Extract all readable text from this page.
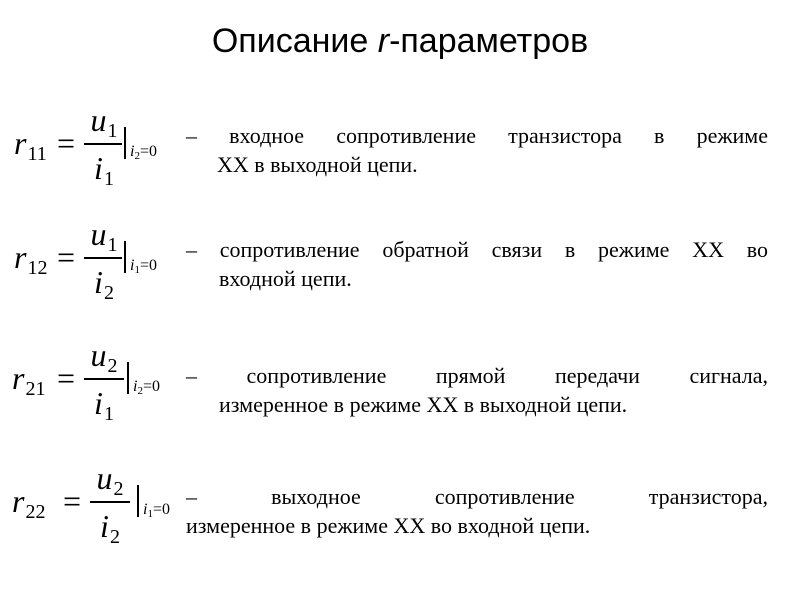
Описание r-параметров
$r_{11}$ =
$u_1$
$i_1$
$i_2=0$
– входное сопротивление транзистора в режиме
ХХ в выходной цепи.
$r_{12}$ =
$u_1$
$i_2$
$i_1=0$
– сопротивление обратной связи в режиме ХХ во
входной цепи.
$r_{21}$ =
$u_2$
$i_1$
$i_2=0$ – сопротивление прямой передачи сигнала,
измеренное в режиме ХХ в выходной цепи.
$r_{22}$ =
$u_2$
$i_2$
$i_1=0$
– выходное сопротивление транзистора,
измеренное в режиме ХХ во входной цепи.
